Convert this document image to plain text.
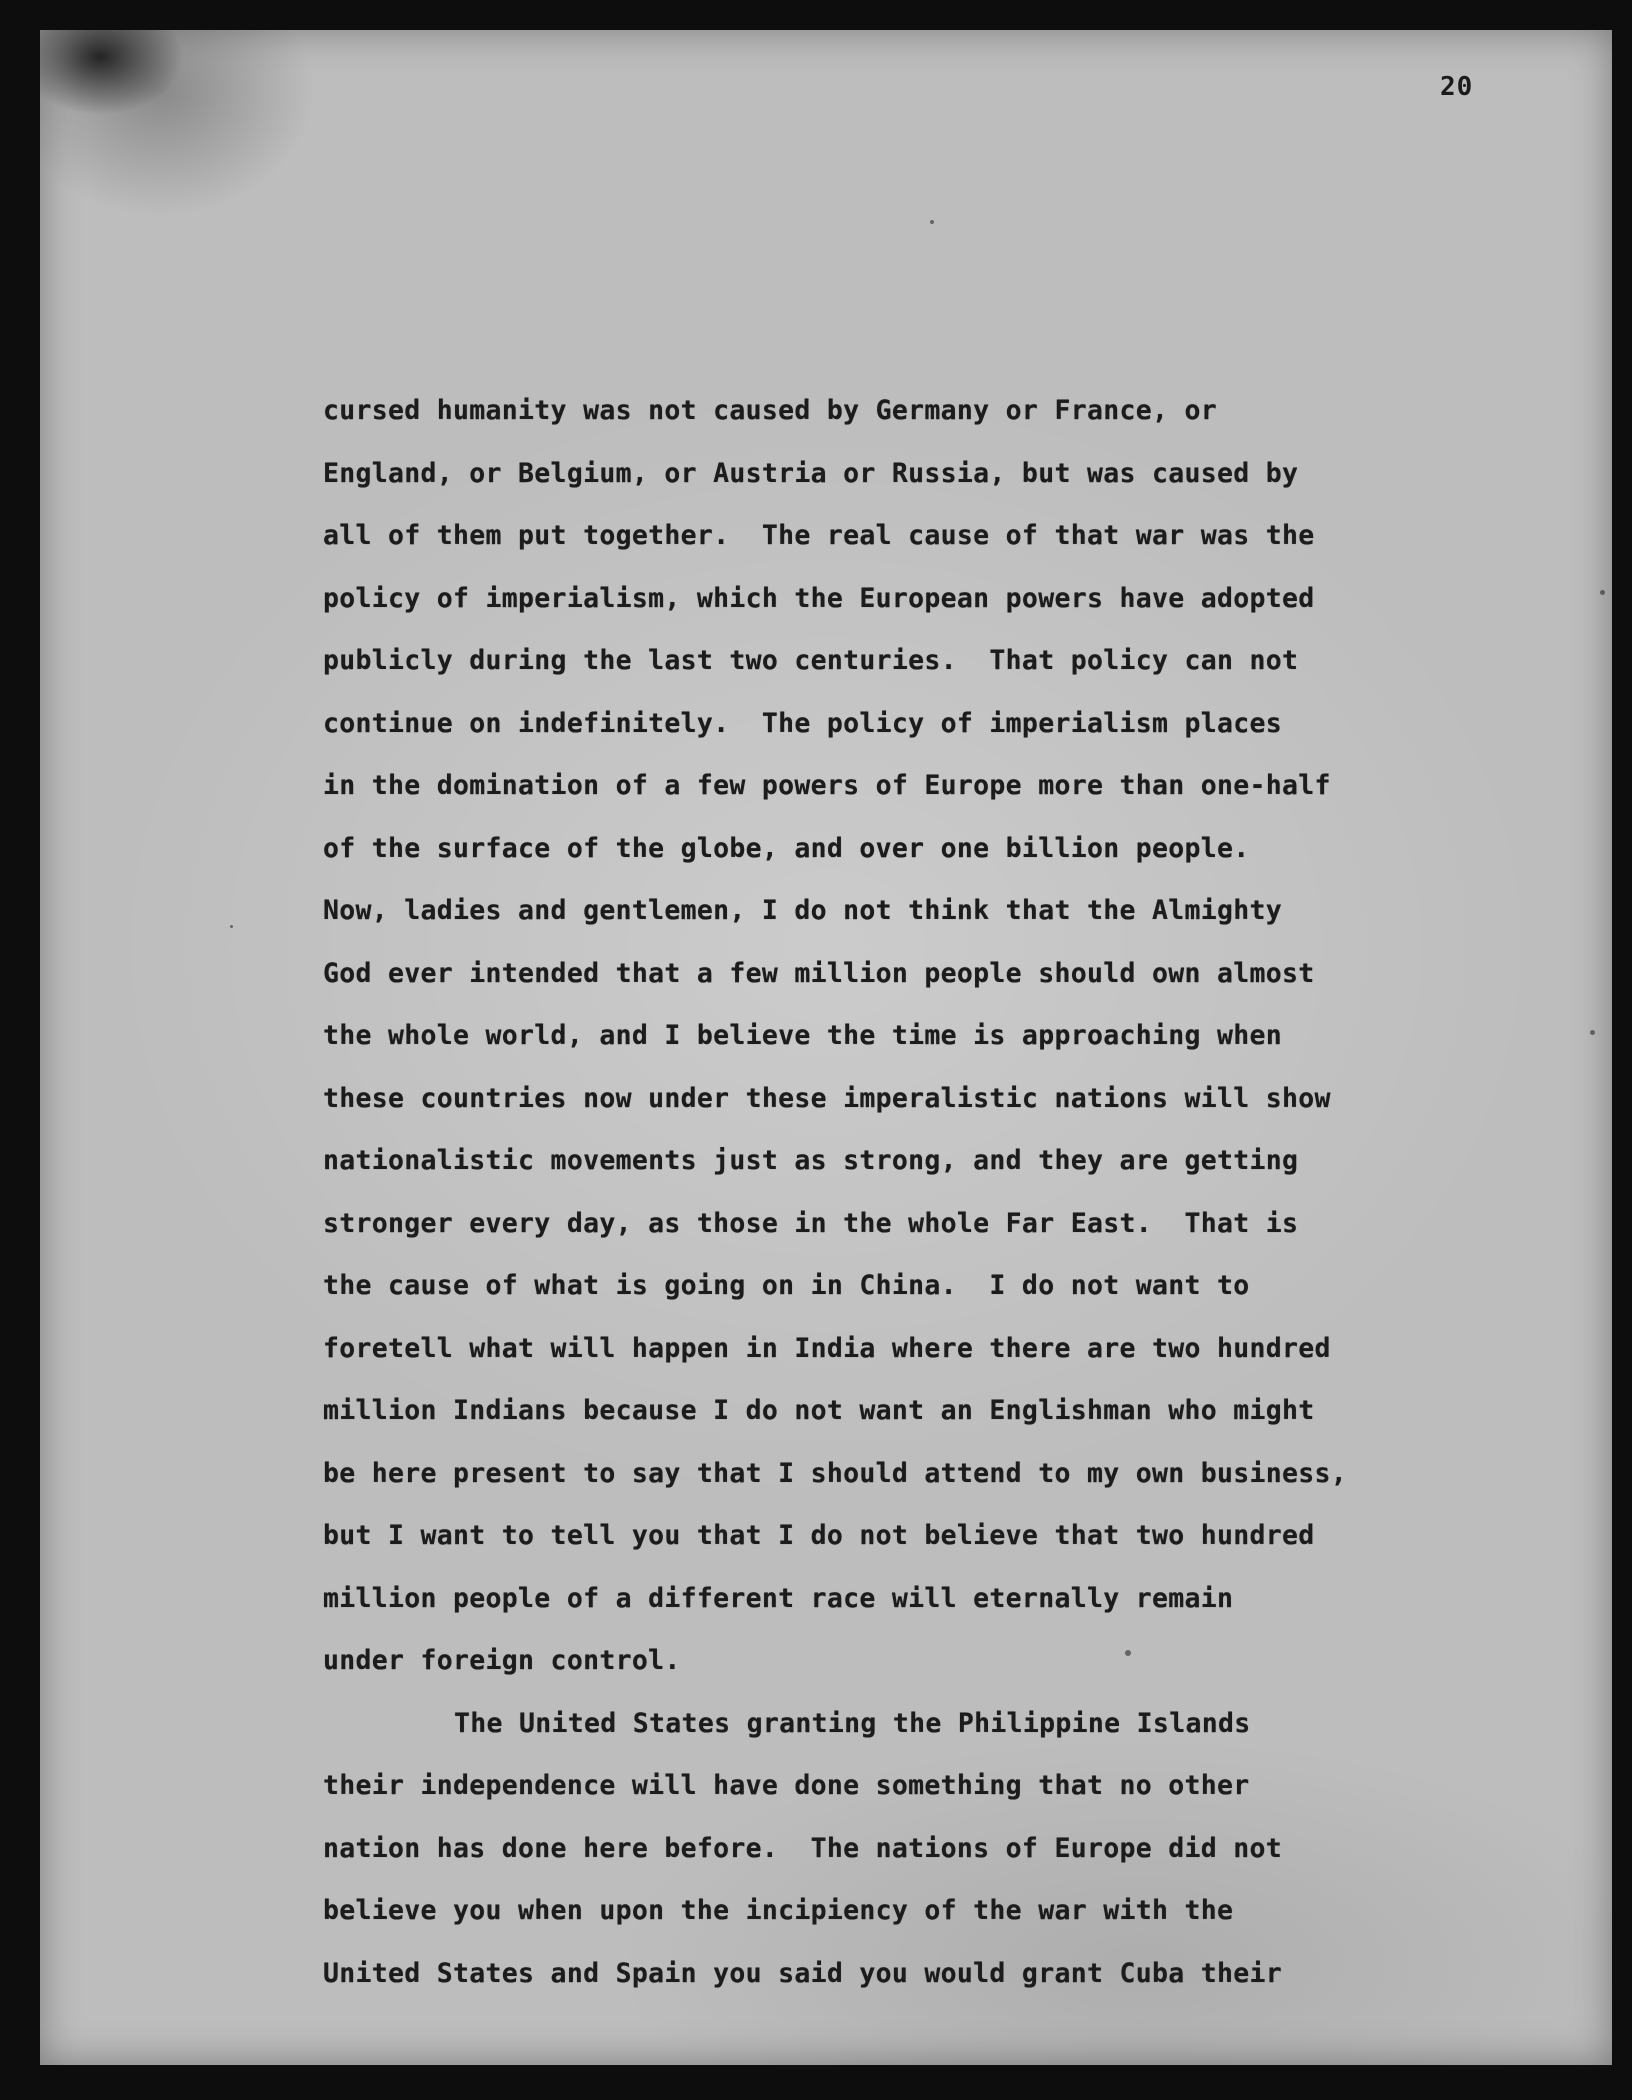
20
cursed humanity was not caused by Germany or France, or
England, or Belgium, or Austria or Russia, but was caused by
all of them put together.  The real cause of that war was the
policy of imperialism, which the European powers have adopted
publicly during the last two centuries.  That policy can not
continue on indefinitely.  The policy of imperialism places
in the domination of a few powers of Europe more than one-half
of the surface of the globe, and over one billion people.
Now, ladies and gentlemen, I do not think that the Almighty
God ever intended that a few million people should own almost
the whole world, and I believe the time is approaching when
these countries now under these imperalistic nations will show
nationalistic movements just as strong, and they are getting
stronger every day, as those in the whole Far East.  That is
the cause of what is going on in China.  I do not want to
foretell what will happen in India where there are two hundred
million Indians because I do not want an Englishman who might
be here present to say that I should attend to my own business,
but I want to tell you that I do not believe that two hundred
million people of a different race will eternally remain
under foreign control.
The United States granting the Philippine Islands
their independence will have done something that no other
nation has done here before.  The nations of Europe did not
believe you when upon the incipiency of the war with the
United States and Spain you said you would grant Cuba their
